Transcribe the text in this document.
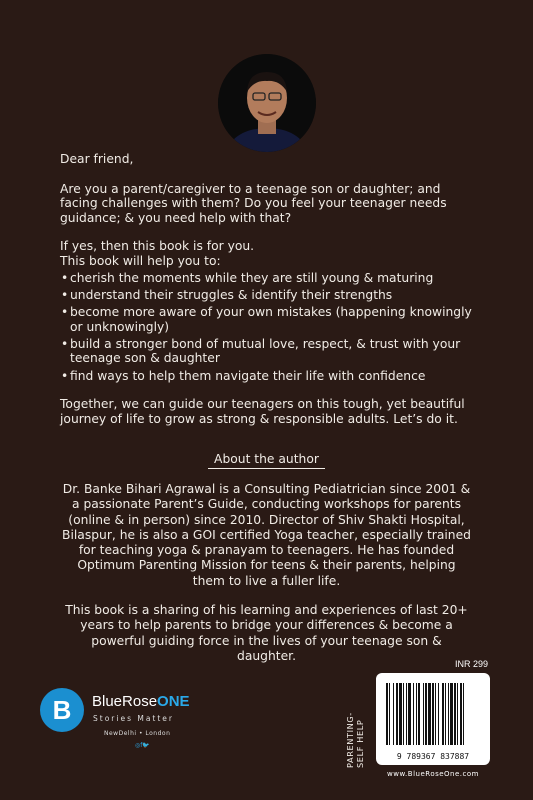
Dear friend,

Are you a parent/caregiver to a teenage son or daughter; and facing challenges with them? Do you feel your teenager needs guidance; & you need help with that?

If yes, then this book is for you.

This book will help you to:

• cherish the moments while they are still young & maturing
• understand their struggles & identify their strengths
• become more aware of your own mistakes (happening knowingly or unknowingly)
• build a stronger bond of mutual love, respect, & trust with your teenage son & daughter
• find ways to help them navigate their life with confidence

Together, we can guide our teenagers on this tough, yet beautiful journey of life to grow as strong & responsible adults. Let’s do it.

About the author

Dr. Banke Bihari Agrawal is a Consulting Pediatrician since 2001 & a passionate Parent’s Guide, conducting workshops for parents (online & in person) since 2010. Director of Shiv Shakti Hospital, Bilaspur, he is also a GOI certified Yoga teacher, especially trained for teaching yoga & pranayam to teenagers. He has founded Optimum Parenting Mission for teens & their parents, helping them to live a fuller life.

This book is a sharing of his learning and experiences of last 20+ years to help parents to bridge your differences & become a powerful guiding force in the lives of your teenage son & daughter.

B	BlueRoseONE
Stories Matter
NewDelhi • London
◎f🐦	PARENTING-
SELF HELP
INR 299
9 789367 837887
www.BlueRoseOne.com
